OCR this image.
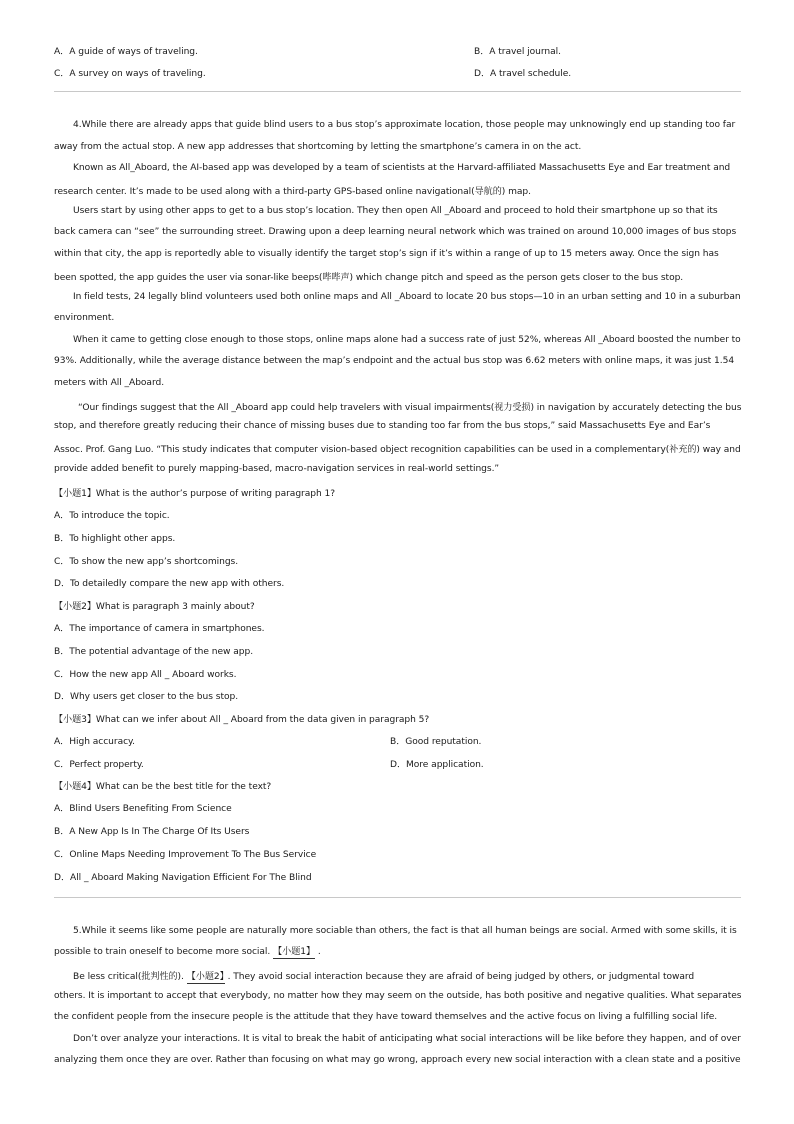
A．A guide of ways of traveling.	B．A travel journal.
C．A survey on ways of traveling.	D．A travel schedule.
4.While there are already apps that guide blind users to a bus stop’s approximate location, those people may unknowingly end up standing too far
away from the actual stop. A new app addresses that shortcoming by letting the smartphone’s camera in on the act.
Known as All_Aboard, the AI-based app was developed by a team of scientists at the Harvard-affiliated Massachusetts Eye and Ear treatment and
research center. It’s made to be used along with a third-party GPS-based online navigational(导航的) map.
Users start by using other apps to get to a bus stop’s location. They then open All _Aboard and proceed to hold their smartphone up so that its
back camera can “see” the surrounding street. Drawing upon a deep learning neural network which was trained on around 10,000 images of bus stops
within that city, the app is reportedly able to visually identify the target stop’s sign if it’s within a range of up to 15 meters away. Once the sign has
been spotted, the app guides the user via sonar-like beeps(哔哔声) which change pitch and speed as the person gets closer to the bus stop.
In field tests, 24 legally blind volunteers used both online maps and All _Aboard to locate 20 bus stops—10 in an urban setting and 10 in a suburban
environment.
When it came to getting close enough to those stops, online maps alone had a success rate of just 52%, whereas All _Aboard boosted the number to
93%. Additionally, while the average distance between the map’s endpoint and the actual bus stop was 6.62 meters with online maps, it was just 1.54
meters with All _Aboard.
“Our findings suggest that the All _Aboard app could help travelers with visual impairments(视力受损) in navigation by accurately detecting the bus
stop, and therefore greatly reducing their chance of missing buses due to standing too far from the bus stops,” said Massachusetts Eye and Ear’s
Assoc. Prof. Gang Luo. “This study indicates that computer vision-based object recognition capabilities can be used in a complementary(补充的) way and
provide added benefit to purely mapping-based, macro-navigation services in real-world settings.”
【小题1】What is the author’s purpose of writing paragraph 1?
A．To introduce the topic.
B．To highlight other apps.
C．To show the new app’s shortcomings.
D．To detailedly compare the new app with others.
【小题2】What is paragraph 3 mainly about?
A．The importance of camera in smartphones.
B．The potential advantage of the new app.
C．How the new app All _ Aboard works.
D．Why users get closer to the bus stop.
【小题3】What can we infer about All _ Aboard from the data given in paragraph 5?
A．High accuracy.	B．Good reputation.
C．Perfect property.	D．More application.
【小题4】What can be the best title for the text?
A．Blind Users Benefiting From Science
B．A New App Is In The Charge Of Its Users
C．Online Maps Needing Improvement To The Bus Service
D．All _ Aboard Making Navigation Efficient For The Blind
5.While it seems like some people are naturally more sociable than others, the fact is that all human beings are social. Armed with some skills, it is
possible to train oneself to become more social. 【小题1】 .
Be less critical(批判性的). 【小题2】 . They avoid social interaction because they are afraid of being judged by others, or judgmental toward
others. It is important to accept that everybody, no matter how they may seem on the outside, has both positive and negative qualities. What separates
the confident people from the insecure people is the attitude that they have toward themselves and the active focus on living a fulfilling social life.
Don’t over analyze your interactions. It is vital to break the habit of anticipating what social interactions will be like before they happen, and of over
analyzing them once they are over. Rather than focusing on what may go wrong, approach every new social interaction with a clean state and a positive
